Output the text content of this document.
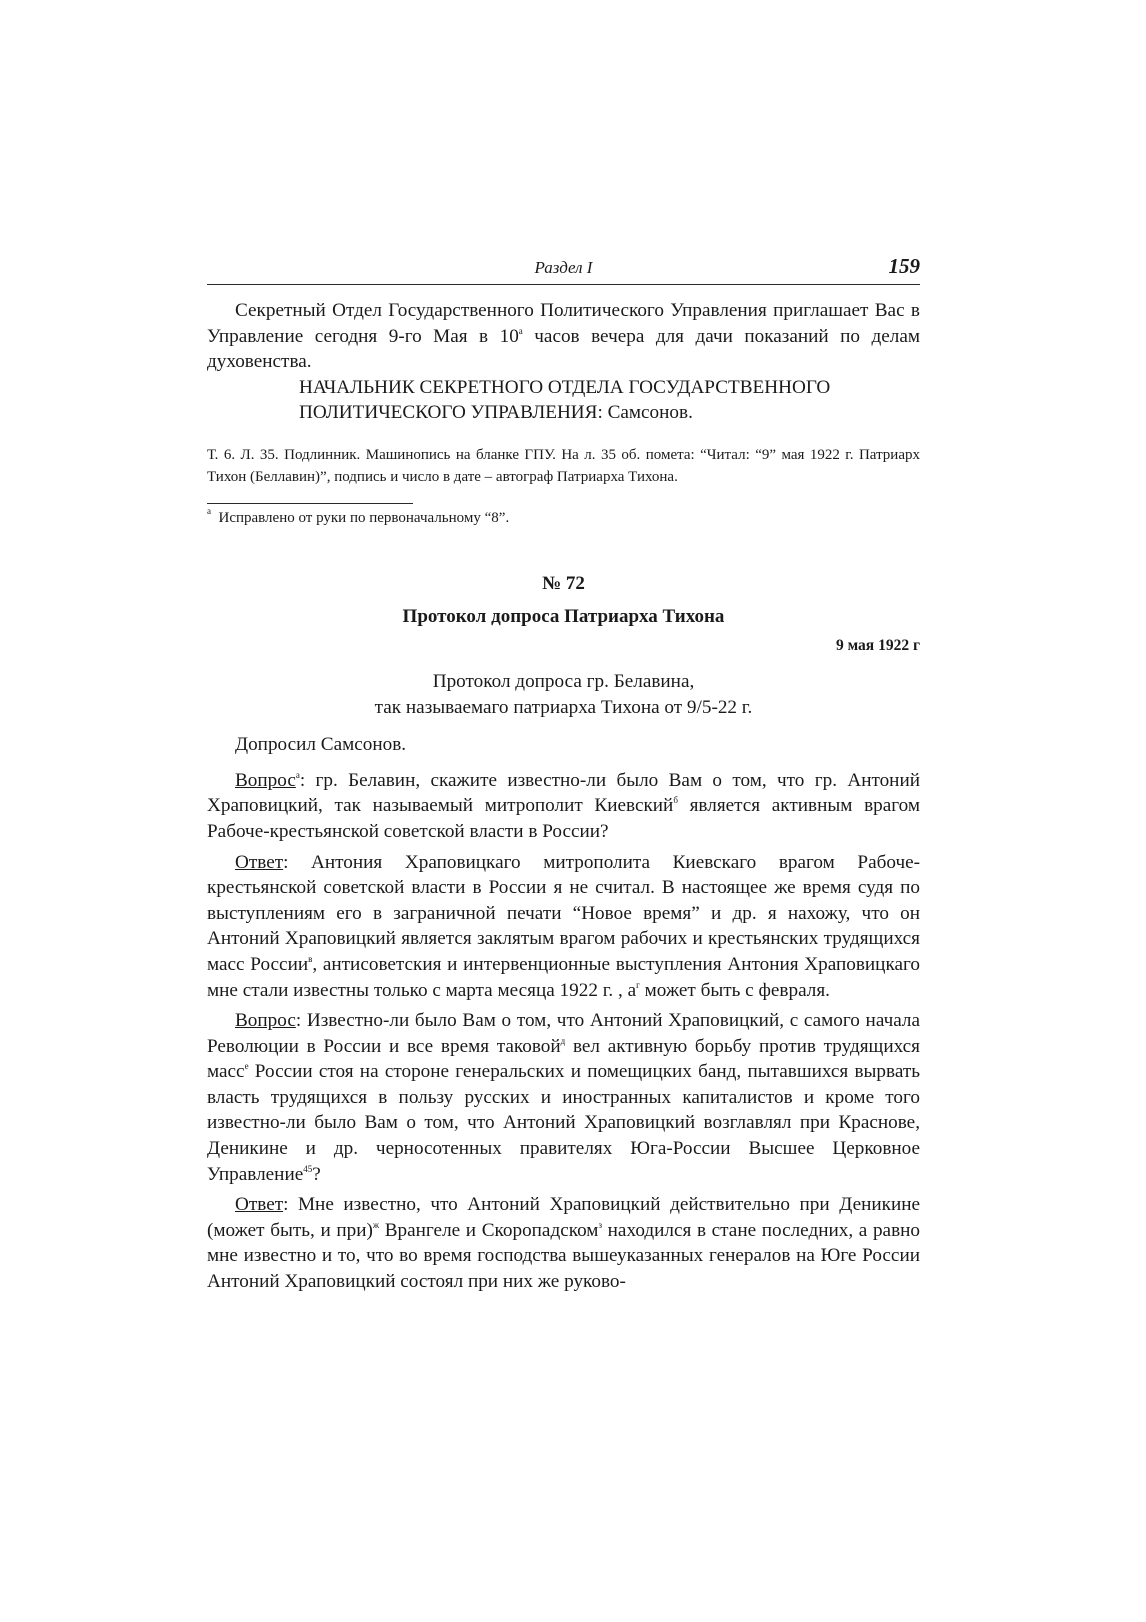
Раздел I	159

Секретный Отдел Государственного Политического Управления приглашает Вас в Управление сегодня 9-го Мая в $10^а$ часов вечера для дачи показаний по делам духовенства.

НАЧАЛЬНИК СЕКРЕТНОГО ОТДЕЛА ГОСУДАРСТВЕННОГО
ПОЛИТИЧЕСКОГО УПРАВЛЕНИЯ: Самсонов.

Т. 6. Л. 35. Подлинник. Машинопись на бланке ГПУ. На л. 35 об. помета: “Читал: “9” мая 1922 г. Патриарх Тихон (Беллавин)”, подпись и число в дате – автограф Патриарха Тихона.

$^а$ Исправлено от руки по первоначальному “8”.

№ 72
Протокол допроса Патриарха Тихона
9 мая 1922 г
Протокол допроса гр. Белавина,
так называемаго патриарха Тихона от 9/5-22 г.

Допросил Самсонов.

Вопрос$^а$: гр. Белавин, скажите известно-ли было Вам о том, что гр. Антоний Храповицкий, так называемый митрополит Киевский$^б$ является активным врагом Рабоче-крестьянской советской власти в России?

Ответ: Антония Храповицкаго митрополита Киевскаго врагом Рабоче-крестьянской советской власти в России я не считал. В настоящее же время судя по выступлениям его в заграничной печати “Новое время” и др. я нахожу, что он Антоний Храповицкий является заклятым врагом рабочих и крестьянских трудящихся масс России$^в$, антисоветския и интервенционные выступления Антония Храповицкаго мне стали известны только с марта месяца 1922 г. , $а^г$ может быть с февраля.

Вопрос: Известно-ли было Вам о том, что Антоний Храповицкий, с самого начала Революции в России и все время таковой$^д$ вел активную борьбу против трудящихся масс$^е$ России стоя на стороне генеральских и помещицких банд, пытавшихся вырвать власть трудящихся в пользу русских и иностранных капиталистов и кроме того известно-ли было Вам о том, что Антоний Храповицкий возглавлял при Краснове, Деникине и др. черносотенных правителях Юга-России Высшее Церковное Управление$^{45}$?

Ответ: Мне известно, что Антоний Храповицкий действительно при Деникине (может быть, и при)$^ж$ Врангеле и Скоропадском$^з$ находился в стане последних, а равно мне известно и то, что во время господства вышеуказанных генералов на Юге России Антоний Храповицкий состоял при них же руково-
